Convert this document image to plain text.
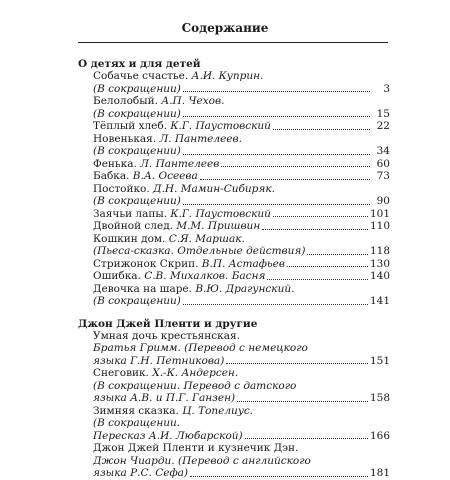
Содержание
О детях и для детей
Собачье счастье. А.И. Куприн.
(В сокращении)	3
Белолобый. А.П. Чехов.
(В сокращении)	15
Тёплый хлеб. К.Г. Паустовский	22
Новенькая. Л. Пантелеев.
(В сокращении)	34
Фенька. Л. Пантелеев	60
Бабка. В.А. Осеева	73
Постойко. Д.Н. Мамин-Сибиряк.
(В сокращении)	90
Заячьи лапы. К.Г. Паустовский	101
Двойной след. М.М. Пришвин	110
Кошкин дом. С.Я. Маршак.
(Пьеса-сказка. Отдельные действия)	118
Стрижонок Скрип. В.П. Астафьев	130
Ошибка. С.В. Михалков. Басня	140
Девочка на шаре. В.Ю. Драгунский.
(В сокращении)	141
Джон Джей Пленти и другие
Умная дочь крестьянская.
Братья Гримм. (Перевод с немецкого
языка Г.Н. Петникова)	151
Снеговик. Х.-К. Андерсен.
(В сокращении. Перевод с датского
языка А.В. и П.Г. Ганзен)	158
Зимняя сказка. Ц. Топелиус.
(В сокращении.
Пересказ А.И. Любарской)	166
Джон Джей Пленти и кузнечик Дэн.
Джон Чиарди. (Перевод с английского
языка Р.С. Сефа)	181
